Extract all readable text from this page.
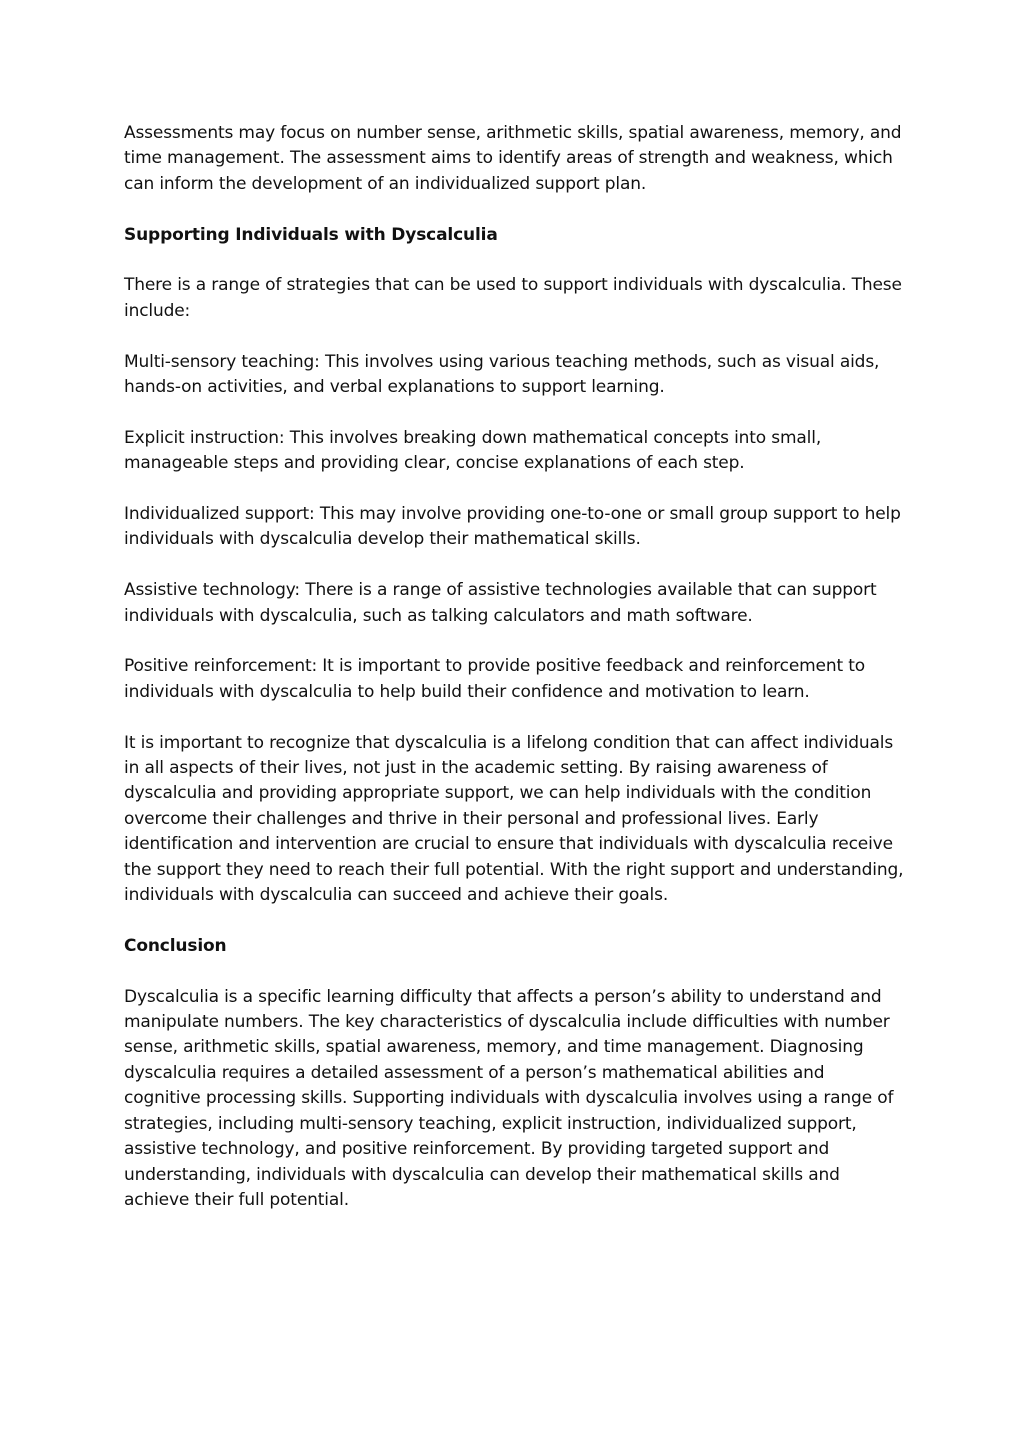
Assessments may focus on number sense, arithmetic skills, spatial awareness, memory, and time management. The assessment aims to identify areas of strength and weakness, which can inform the development of an individualized support plan.

Supporting Individuals with Dyscalculia

There is a range of strategies that can be used to support individuals with dyscalculia. These include:

Multi-sensory teaching: This involves using various teaching methods, such as visual aids, hands-on activities, and verbal explanations to support learning.

Explicit instruction: This involves breaking down mathematical concepts into small, manageable steps and providing clear, concise explanations of each step.

Individualized support: This may involve providing one-to-one or small group support to help individuals with dyscalculia develop their mathematical skills.

Assistive technology: There is a range of assistive technologies available that can support individuals with dyscalculia, such as talking calculators and math software.

Positive reinforcement: It is important to provide positive feedback and reinforcement to individuals with dyscalculia to help build their confidence and motivation to learn.

It is important to recognize that dyscalculia is a lifelong condition that can affect individuals in all aspects of their lives, not just in the academic setting. By raising awareness of dyscalculia and providing appropriate support, we can help individuals with the condition overcome their challenges and thrive in their personal and professional lives. Early identification and intervention are crucial to ensure that individuals with dyscalculia receive the support they need to reach their full potential. With the right support and understanding, individuals with dyscalculia can succeed and achieve their goals.

Conclusion

Dyscalculia is a specific learning difficulty that affects a person’s ability to understand and manipulate numbers. The key characteristics of dyscalculia include difficulties with number sense, arithmetic skills, spatial awareness, memory, and time management. Diagnosing dyscalculia requires a detailed assessment of a person’s mathematical abilities and cognitive processing skills. Supporting individuals with dyscalculia involves using a range of strategies, including multi-sensory teaching, explicit instruction, individualized support, assistive technology, and positive reinforcement. By providing targeted support and understanding, individuals with dyscalculia can develop their mathematical skills and achieve their full potential.
